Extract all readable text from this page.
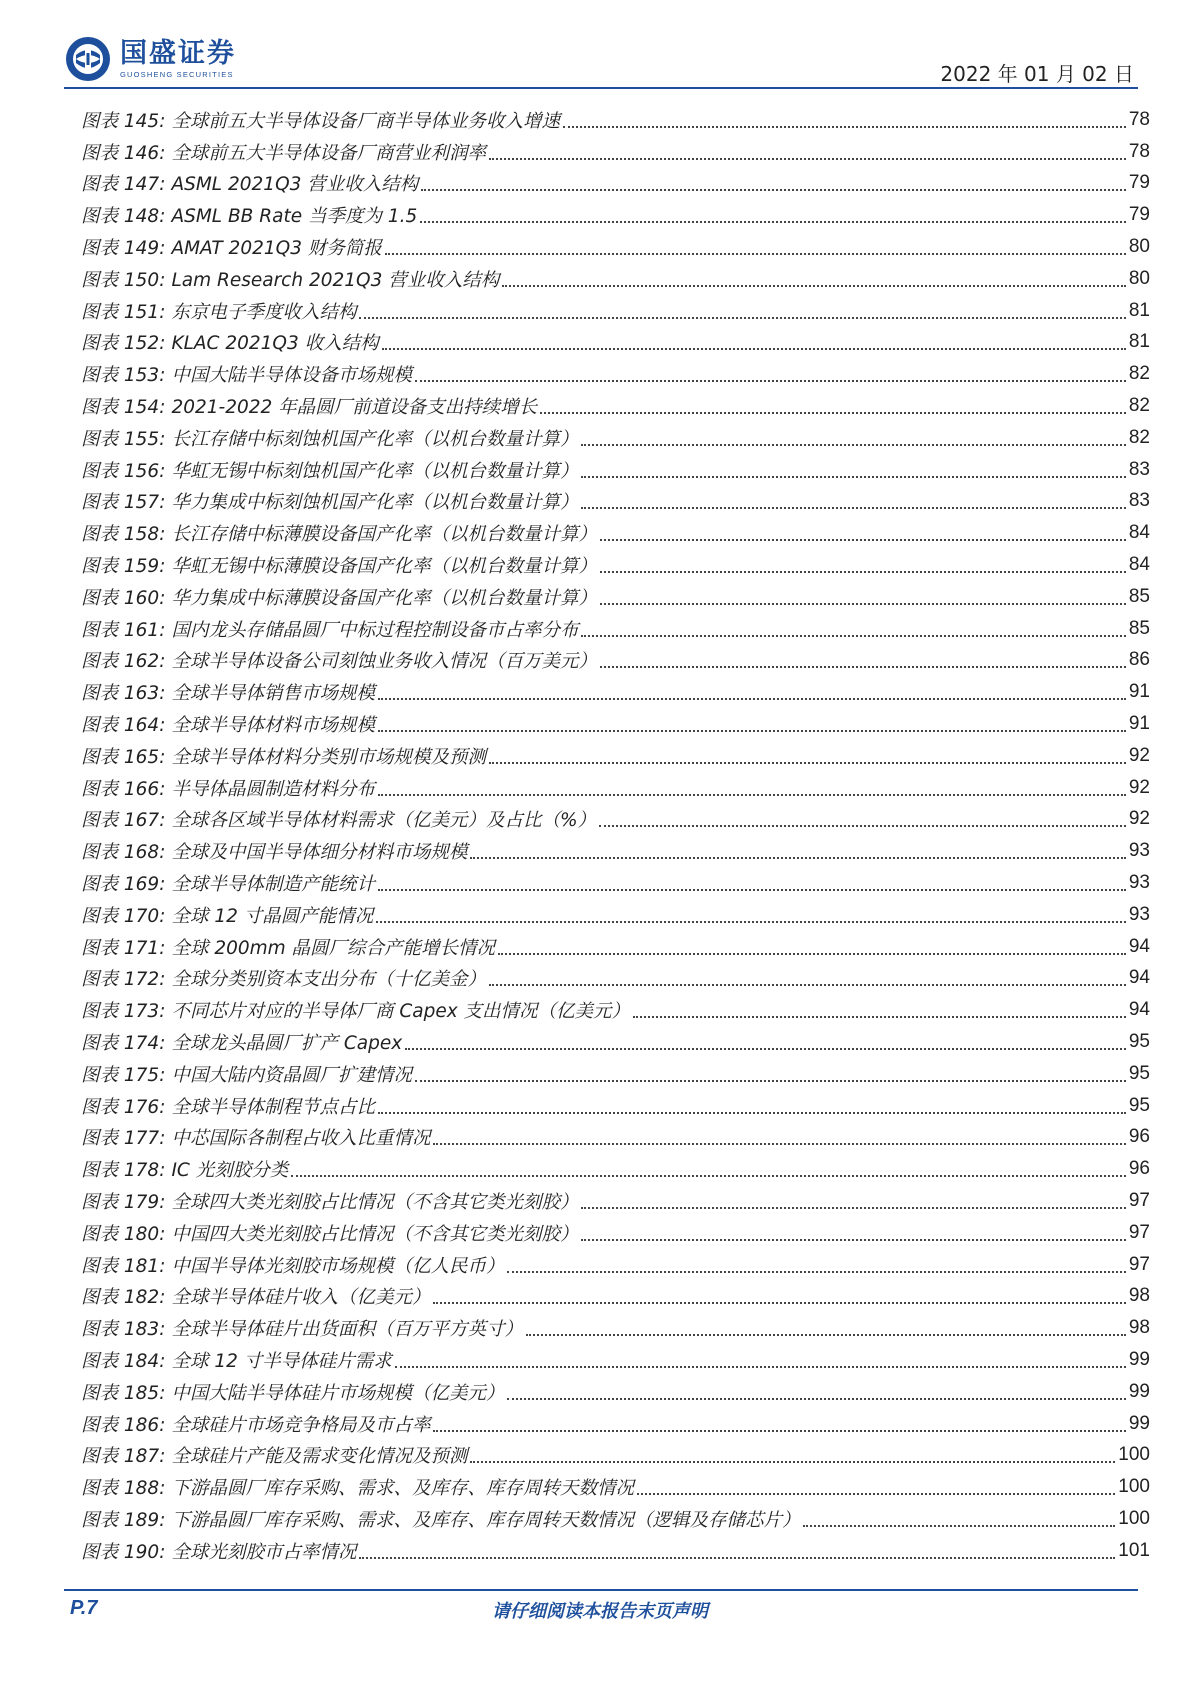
国盛证券
GUOSHENG SECURITIES	2022 年 01 月 02 日
图表 145: 全球前五大半导体设备厂商半导体业务收入增速	78
图表 146: 全球前五大半导体设备厂商营业利润率	78
图表 147: ASML 2021Q3 营业收入结构	79
图表 148: ASML BB Rate 当季度为 1.5	79
图表 149: AMAT 2021Q3 财务简报	80
图表 150: Lam Research 2021Q3 营业收入结构	80
图表 151: 东京电子季度收入结构	81
图表 152: KLAC 2021Q3 收入结构	81
图表 153: 中国大陆半导体设备市场规模	82
图表 154: 2021-2022 年晶圆厂前道设备支出持续增长	82
图表 155: 长江存储中标刻蚀机国产化率（以机台数量计算）	82
图表 156: 华虹无锡中标刻蚀机国产化率（以机台数量计算）	83
图表 157: 华力集成中标刻蚀机国产化率（以机台数量计算）	83
图表 158: 长江存储中标薄膜设备国产化率（以机台数量计算）	84
图表 159: 华虹无锡中标薄膜设备国产化率（以机台数量计算）	84
图表 160: 华力集成中标薄膜设备国产化率（以机台数量计算）	85
图表 161: 国内龙头存储晶圆厂中标过程控制设备市占率分布	85
图表 162: 全球半导体设备公司刻蚀业务收入情况（百万美元）	86
图表 163: 全球半导体销售市场规模	91
图表 164: 全球半导体材料市场规模	91
图表 165: 全球半导体材料分类别市场规模及预测	92
图表 166: 半导体晶圆制造材料分布	92
图表 167: 全球各区域半导体材料需求（亿美元）及占比（%）	92
图表 168: 全球及中国半导体细分材料市场规模	93
图表 169: 全球半导体制造产能统计	93
图表 170: 全球 12 寸晶圆产能情况	93
图表 171: 全球 200mm 晶圆厂综合产能增长情况	94
图表 172: 全球分类别资本支出分布（十亿美金）	94
图表 173: 不同芯片对应的半导体厂商 Capex 支出情况（亿美元）	94
图表 174: 全球龙头晶圆厂扩产 Capex	95
图表 175: 中国大陆内资晶圆厂扩建情况	95
图表 176: 全球半导体制程节点占比	95
图表 177: 中芯国际各制程占收入比重情况	96
图表 178: IC 光刻胶分类	96
图表 179: 全球四大类光刻胶占比情况（不含其它类光刻胶）	97
图表 180: 中国四大类光刻胶占比情况（不含其它类光刻胶）	97
图表 181: 中国半导体光刻胶市场规模（亿人民币）	97
图表 182: 全球半导体硅片收入（亿美元）	98
图表 183: 全球半导体硅片出货面积（百万平方英寸）	98
图表 184: 全球 12 寸半导体硅片需求	99
图表 185: 中国大陆半导体硅片市场规模（亿美元）	99
图表 186: 全球硅片市场竞争格局及市占率	99
图表 187: 全球硅片产能及需求变化情况及预测	100
图表 188: 下游晶圆厂库存采购、需求、及库存、库存周转天数情况	100
图表 189: 下游晶圆厂库存采购、需求、及库存、库存周转天数情况（逻辑及存储芯片）	100
图表 190: 全球光刻胶市占率情况	101
P.7	请仔细阅读本报告末页声明
